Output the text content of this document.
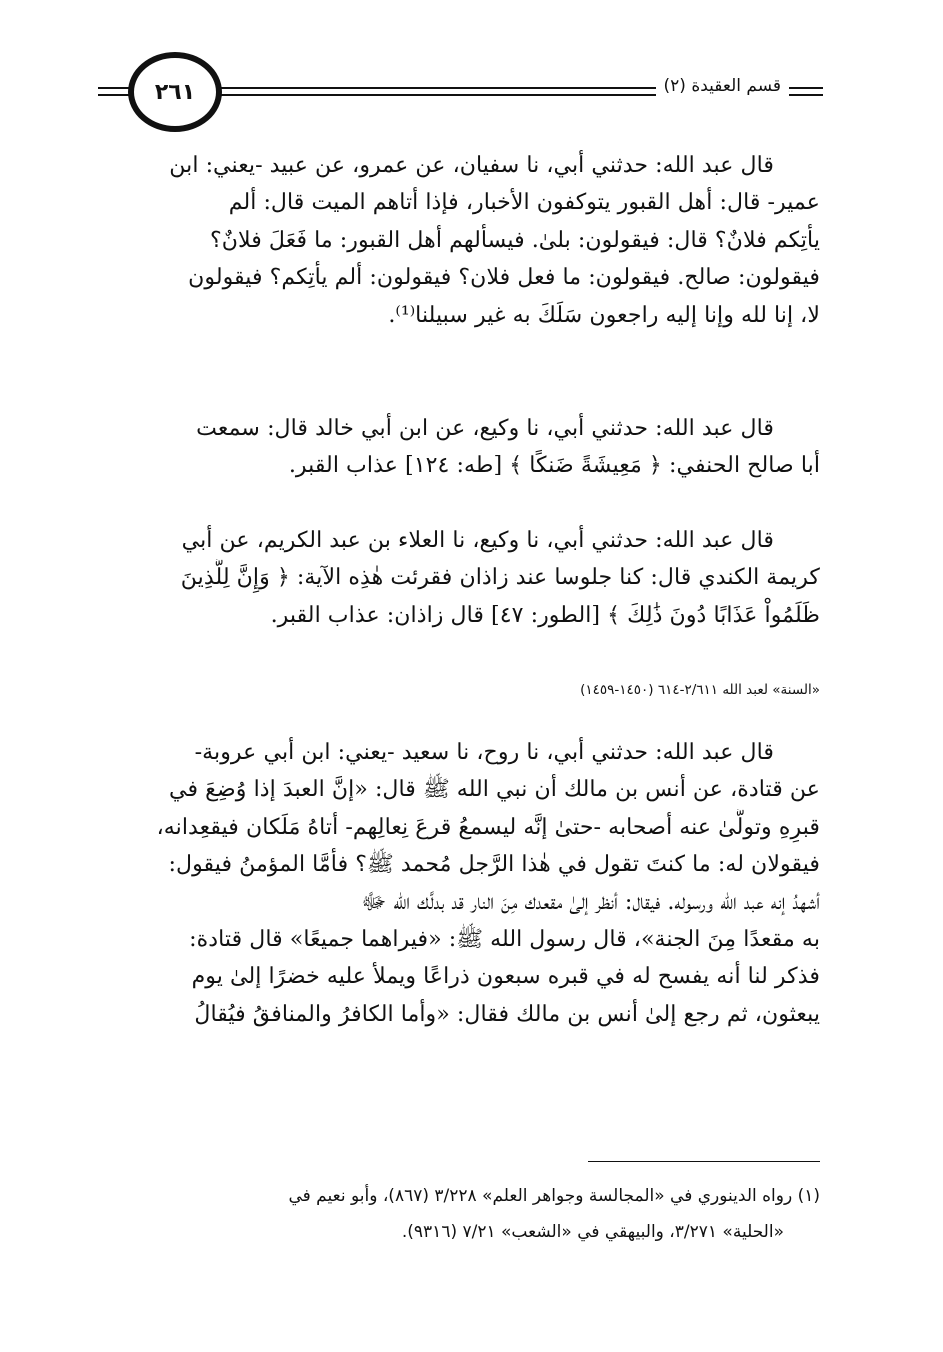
٢٦١	قسم العقيدة (٢)
قال عبد الله: حدثني أبي، نا سفيان، عن عمرو، عن عبيد -يعني: ابن
عمير- قال: أهل القبور يتوكفون الأخبار، فإذا أتاهم الميت قال: ألم
يأتِكم فلانٌ؟ قال: فيقولون: بلىٰ. فيسألهم أهل القبور: ما فَعَلَ فلانٌ؟
فيقولون: صالح. فيقولون: ما فعل فلان؟ فيقولون: ألم يأتِكم؟ فيقولون
لا، إنا لله وإنا إليه راجعون سَلَكَ به غير سبيلنا⁽¹⁾.
قال عبد الله: حدثني أبي، نا وكيع، عن ابن أبي خالد قال: سمعت
أبا صالح الحنفي: ﴿ مَعِيشَةً ضَنكًا ﴾ [طه: ١٢٤] عذاب القبر.
قال عبد الله: حدثني أبي، نا وكيع، نا العلاء بن عبد الكريم، عن أبي
كريمة الكندي قال: كنا جلوسا عند زاذان فقرئت هٰذِه الآية: ﴿ وَإِنَّ لِلَّذِينَ
ظَلَمُواْ عَذَابًا دُونَ ذَٰلِكَ ﴾ [الطور: ٤٧] قال زاذان: عذاب القبر.
«السنة» لعبد الله ٢/٦١١-٦١٤ (١٤٥٠-١٤٥٩)
قال عبد الله: حدثني أبي، نا روح، نا سعيد -يعني: ابن أبي عروبة-
عن قتادة، عن أنس بن مالك أن نبي الله ﷺ قال: «إنَّ العبدَ إذا وُضِعَ في
قبرِهِ وتولَّىٰ عنه أصحابه -حتىٰ إنَّه ليسمعُ قرعَ نِعالِهم- أتاهُ مَلَكان فيقعِدانه،
فيقولان له: ما كنتَ تقول في هٰذا الرَّجل مُحمد ﷺ؟ فأمَّا المؤمنُ فيقول:
أشهدُ إنه عبد الله ورسوله. فيقال: أنظر إلىٰ مقعدك مِنَ النار قد بدلَّك الله ﷻ
به مقعدًا مِنَ الجنة»، قال رسول الله ﷺ: «فيراهما جميعًا» قال قتادة:
فذكر لنا أنه يفسح له في قبره سبعون ذراعًا ويملأ عليه خضرًا إلىٰ يوم
يبعثون، ثم رجع إلىٰ أنس بن مالك فقال: «وأما الكافرُ والمنافقُ فيُقالُ
(١) رواه الدينوري في «المجالسة وجواهر العلم» ٣/٢٢٨ (٨٦٧)، وأبو نعيم في
«الحلية» ٣/٢٧١، والبيهقي في «الشعب» ٧/٢١ (٩٣١٦).
